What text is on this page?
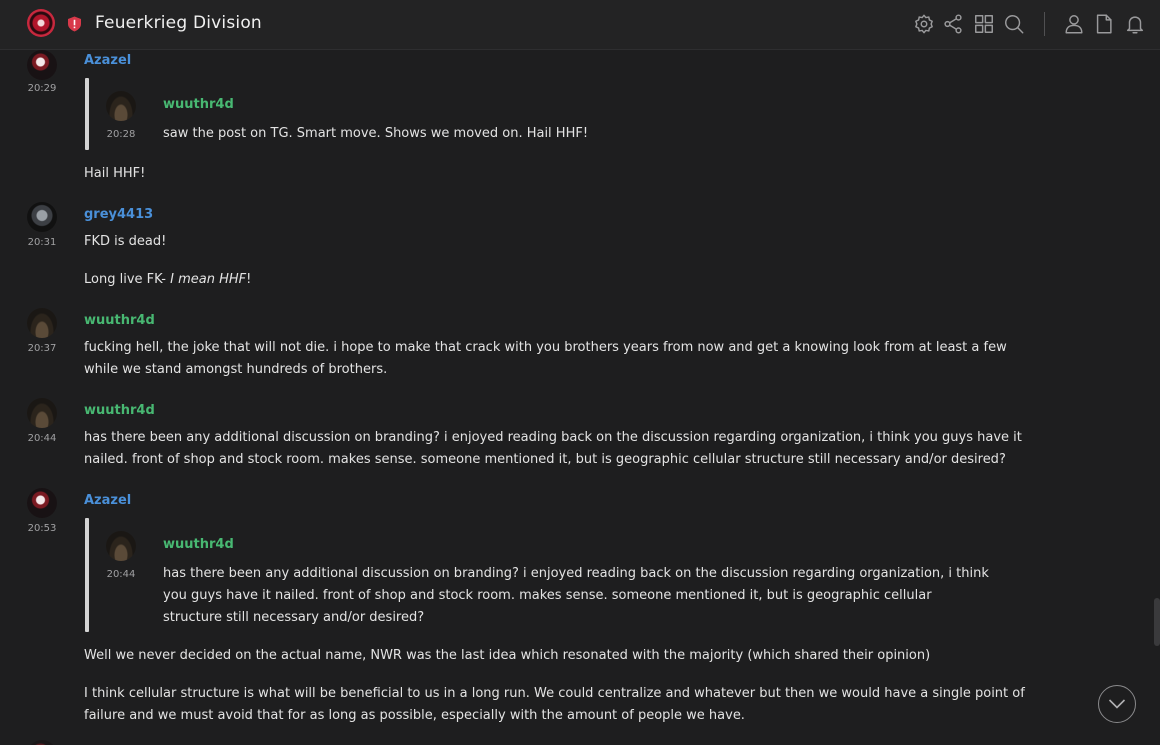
Feuerkrieg Division
20:29
Azazel
20:28
wuuthr4d
saw the post on TG. Smart move. Shows we moved on. Hail HHF!
Hail HHF!
20:31
grey4413
FKD is dead!
Long live FK- I mean HHF!
20:37
wuuthr4d
fucking hell, the joke that will not die. i hope to make that crack with you brothers years from now and get a knowing look from at least a few
while we stand amongst hundreds of brothers.
20:44
wuuthr4d
has there been any additional discussion on branding? i enjoyed reading back on the discussion regarding organization, i think you guys have it
nailed. front of shop and stock room. makes sense. someone mentioned it, but is geographic cellular structure still necessary and/or desired?
20:53
Azazel
20:44
wuuthr4d
has there been any additional discussion on branding? i enjoyed reading back on the discussion regarding organization, i think
you guys have it nailed. front of shop and stock room. makes sense. someone mentioned it, but is geographic cellular
structure still necessary and/or desired?
Well we never decided on the actual name, NWR was the last idea which resonated with the majority (which shared their opinion)
I think cellular structure is what will be beneficial to us in a long run. We could centralize and whatever but then we would have a single point of
failure and we must avoid that for as long as possible, especially with the amount of people we have.
